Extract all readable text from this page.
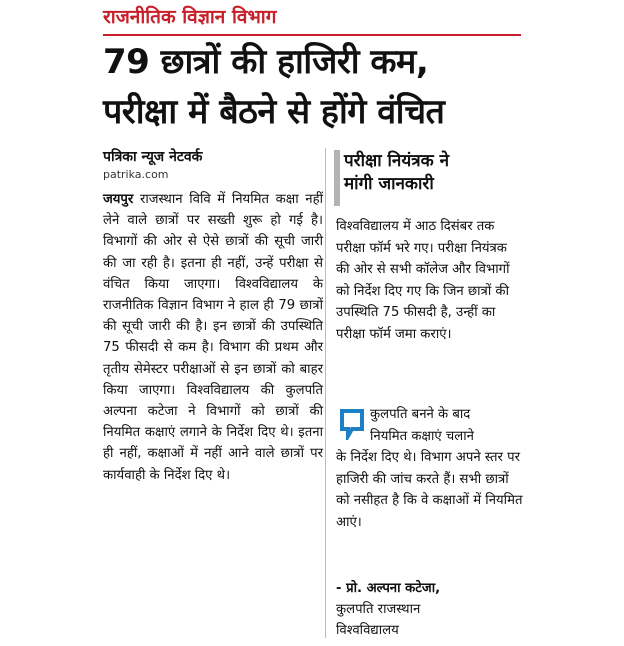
राजनीतिक विज्ञान विभाग
79 छात्रों की हाजिरी कम,
परीक्षा में बैठने से होंगे वंचित
पत्रिका न्यूज नेटवर्क
patrika.com

जयपुर राजस्थान विवि में नियमित कक्षा नहीं लेने वाले छात्रों पर सख्ती शुरू हो गई है। विभागों की ओर से ऐसे छात्रों की सूची जारी की जा रही है। इतना ही नहीं, उन्हें परीक्षा से वंचित किया जाएगा। विश्वविद्यालय के राजनीतिक विज्ञान विभाग ने हाल ही 79 छात्रों की सूची जारी की है। इन छात्रों की उपस्थिति 75 फीसदी से कम है। विभाग की प्रथम और तृतीय सेमेस्टर परीक्षाओं से इन छात्रों को बाहर किया जाएगा। विश्वविद्यालय की कुलपति अल्पना कटेजा ने विभागों को छात्रों की नियमित कक्षाएं लगाने के निर्देश दिए थे। इतना ही नहीं, कक्षाओं में नहीं आने वाले छात्रों पर कार्यवाही के निर्देश दिए थे।

परीक्षा नियंत्रक ने
मांगी जानकारी

विश्वविद्यालय में आठ दिसंबर तक परीक्षा फॉर्म भरे गए। परीक्षा नियंत्रक की ओर से सभी कॉलेज और विभागों को निर्देश दिए गए कि जिन छात्रों की उपस्थिति 75 फीसदी है, उन्हीं का परीक्षा फॉर्म जमा कराएं।

कुलपति बनने के बाद
नियमित कक्षाएं चलाने
के निर्देश दिए थे। विभाग अपने स्तर पर हाजिरी की जांच करते हैं। सभी छात्रों को नसीहत है कि वे कक्षाओं में नियमित आएं।
- प्रो. अल्पना कटेजा,
कुलपति राजस्थान
विश्वविद्यालय
